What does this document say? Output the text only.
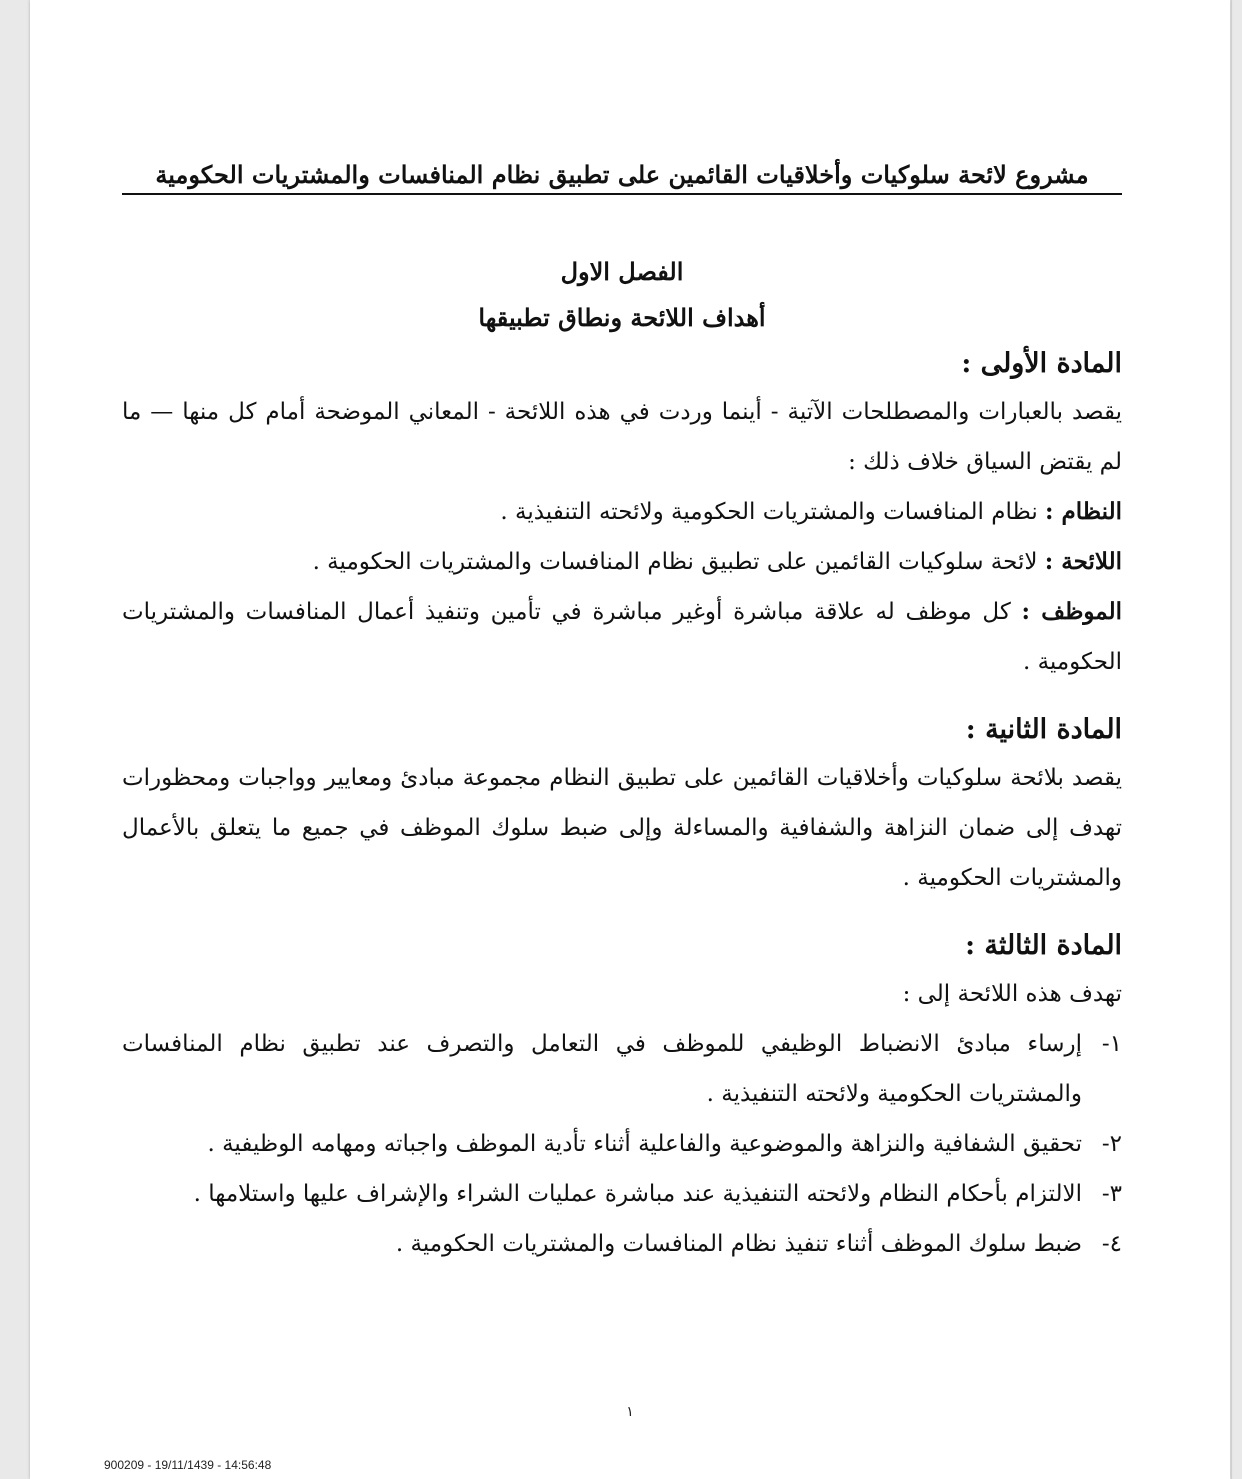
مشروع لائحة سلوكيات وأخلاقيات القائمين على تطبيق نظام المنافسات والمشتريات الحكومية
الفصل الاول
أهداف اللائحة ونطاق تطبيقها
المادة الأولى :

يقصد بالعبارات والمصطلحات الآتية - أينما وردت في هذه اللائحة - المعاني الموضحة أمام كل منها — ما لم يقتض السياق خلاف ذلك :

النظام : نظام المنافسات والمشتريات الحكومية ولائحته التنفيذية .

اللائحة : لائحة سلوكيات القائمين على تطبيق نظام المنافسات والمشتريات الحكومية .

الموظف : كل موظف له علاقة مباشرة أوغير مباشرة في تأمين وتنفيذ أعمال المنافسات والمشتريات الحكومية .

المادة الثانية :

يقصد بلائحة سلوكيات وأخلاقيات القائمين على تطبيق النظام مجموعة مبادئ ومعايير وواجبات ومحظورات تهدف إلى ضمان النزاهة والشفافية والمساءلة وإلى ضبط سلوك الموظف في جميع ما يتعلق بالأعمال والمشتريات الحكومية .

المادة الثالثة :

تهدف هذه اللائحة إلى :

١-
إرساء مبادئ الانضباط الوظيفي للموظف في التعامل والتصرف عند تطبيق نظام المنافسات والمشتريات الحكومية ولائحته التنفيذية .
٢-
تحقيق الشفافية والنزاهة والموضوعية والفاعلية أثناء تأدية الموظف واجباته ومهامه الوظيفية .
٣-
الالتزام بأحكام النظام ولائحته التنفيذية عند مباشرة عمليات الشراء والإشراف عليها واستلامها .
٤-
ضبط سلوك الموظف أثناء تنفيذ نظام المنافسات والمشتريات الحكومية .
١
900209 - 19/11/1439 - 14:56:48
